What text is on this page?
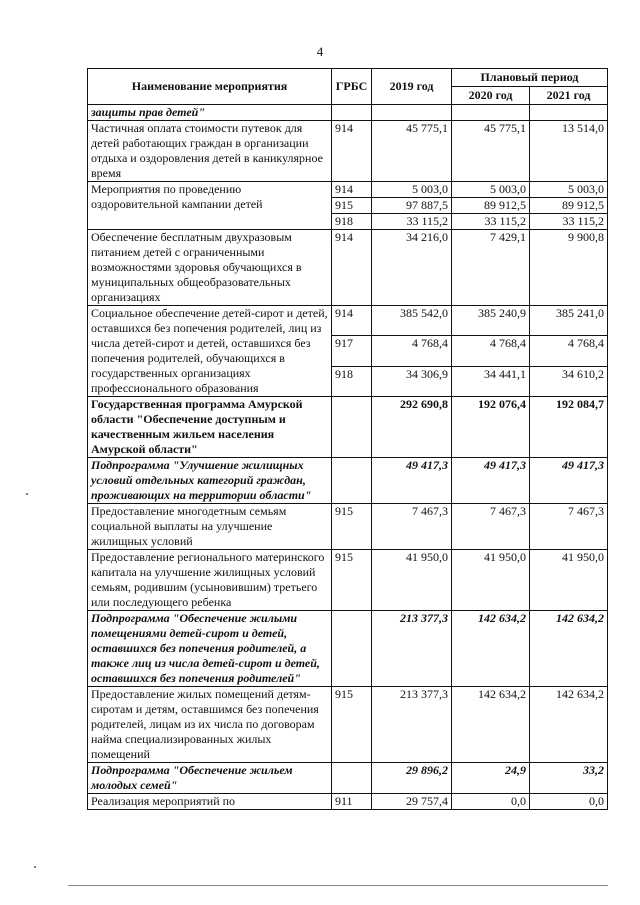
4
Наименование мероприятия	ГРБС	2019 год	Плановый период	
			2020 год	2021 год
защиты прав детей"				
Частичная оплата стоимости путевок для детей работающих граждан в организации отдыха и оздоровления детей в каникулярное время	914	45 775,1	45 775,1	13 514,0
Мероприятия по проведению оздоровительной кампании детей	914	5 003,0	5 003,0	5 003,0
	915	97 887,5	89 912,5	89 912,5
	918	33 115,2	33 115,2	33 115,2
Обеспечение бесплатным двухразовым питанием детей с ограниченными возможностями здоровья обучающихся в муниципальных общеобразовательных организациях	914	34 216,0	7 429,1	9 900,8
Социальное обеспечение детей-сирот и детей, оставшихся без попечения родителей, лиц из числа детей-сирот и детей, оставшихся без попечения родителей, обучающихся в государственных организациях профессионального образования	914	385 542,0	385 240,9	385 241,0
	917	4 768,4	4 768,4	4 768,4
	918	34 306,9	34 441,1	34 610,2
Государственная программа Амурской области "Обеспечение доступным и качественным жильем населения Амурской области"		292 690,8	192 076,4	192 084,7
Подпрограмма "Улучшение жилищных условий отдельных категорий граждан, проживающих на территории области"		49 417,3	49 417,3	49 417,3
Предоставление многодетным семьям социальной выплаты на улучшение жилищных условий	915	7 467,3	7 467,3	7 467,3
Предоставление регионального материнского капитала на улучшение жилищных условий семьям, родившим (усыновившим) третьего или последующего ребенка	915	41 950,0	41 950,0	41 950,0
Подпрограмма "Обеспечение жилыми помещениями детей-сирот и детей, оставшихся без попечения родителей, а также лиц из числа детей-сирот и детей, оставшихся без попечения родителей"		213 377,3	142 634,2	142 634,2
Предоставление жилых помещений детям-сиротам и детям, оставшимся без попечения родителей, лицам из их числа по договорам найма специализированных жилых помещений	915	213 377,3	142 634,2	142 634,2
Подпрограмма "Обеспечение жильем молодых семей"		29 896,2	24,9	33,2
Реализация мероприятий по	911	29 757,4	0,0	0,0
